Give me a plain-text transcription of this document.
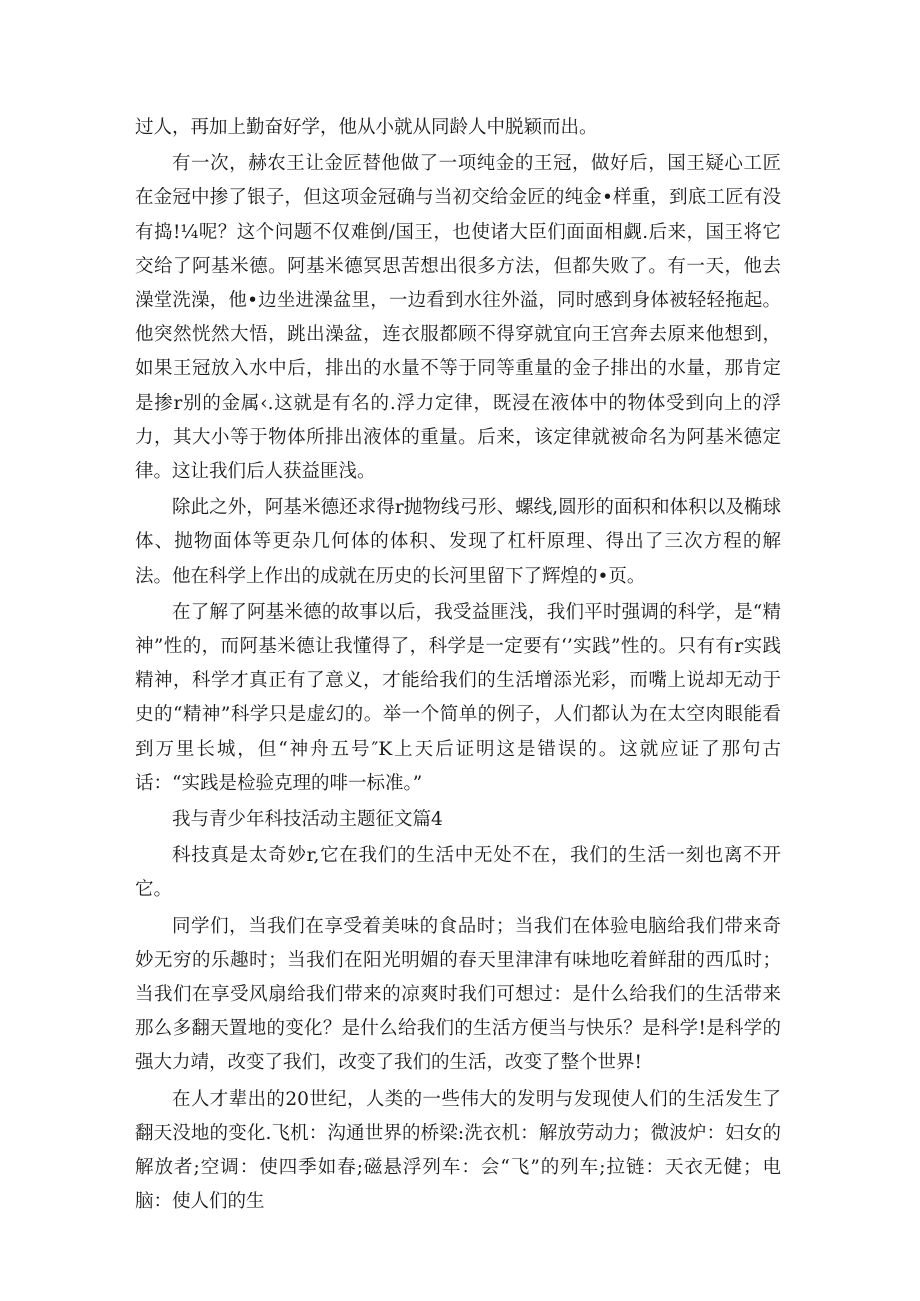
过人，再加上勤奋好学，他从小就从同龄人中脱颖而出。

有一次，赫农王让金匠替他做了一项纯金的王冠，做好后，国王疑心工匠在金冠中掺了银子，但这项金冠确与当初交给金匠的纯金•样重，到底工匠有没有捣!¼呢？这个问题不仅难倒/国王，也使诸大臣们面面相觑.后来，国王将它交给了阿基米德。阿基米德冥思苦想出很多方法，但都失败了。有一天，他去澡堂洗澡，他•边坐进澡盆里，一边看到水往外溢，同时感到身体被轻轻拖起。他突然恍然大悟，跳出澡盆，连衣服都顾不得穿就宜向王宫奔去原来他想到，如果王冠放入水中后，排出的水量不等于同等重量的金子排出的水量，那肯定是掺r别的金属‹.这就是有名的.浮力定律，既浸在液体中的物体受到向上的浮力，其大小等于物体所排出液体的重量。后来，该定律就被命名为阿基米德定律。这让我们后人获益匪浅。

除此之外，阿基米德还求得r抛物线弓形、螺线,圆形的面积和体积以及椭球体、抛物面体等更杂几何体的体积、发现了杠杆原理、得出了三次方程的解法。他在科学上作出的成就在历史的长河里留下了辉煌的•页。

在了解了阿基米德的故事以后，我受益匪浅，我们平时强调的科学，是“精神”性的，而阿基米德让我懂得了，科学是一定要有‘’实践”性的。只有有r实践精神，科学才真正有了意义，才能给我们的生活增添光彩，而嘴上说却无动于史的“精神”科学只是虚幻的。举一个简单的例子，人们都认为在太空肉眼能看到万里长城，但“神舟五号″K上天后证明这是错误的。这就应证了那句古话：“实践是检验克理的啡一标准。”

我与青少年科技活动主题征文篇4

科技真是太奇妙r,它在我们的生活中无处不在，我们的生活一刻也离不开它。

同学们，当我们在享受着美味的食品时；当我们在体验电脑给我们带来奇妙无穷的乐趣时；当我们在阳光明媚的春天里津津有味地吃着鲜甜的西瓜时；当我们在享受风扇给我们带来的凉爽时我们可想过：是什么给我们的生活带来那么多翻天置地的变化？是什么给我们的生活方便当与快乐？是科学!是科学的强大力靖，改变了我们，改变了我们的生活，改变了整个世界!

在人才辈出的20世纪，人类的一些伟大的发明与发现使人们的生活发生了翻天没地的变化.飞机：沟通世界的桥梁:洗衣机：解放劳动力；微波炉：妇女的解放者;空调：使四季如春;磁悬浮列车：会“飞”的列车;拉链：天衣无健；电脑：使人们的生
